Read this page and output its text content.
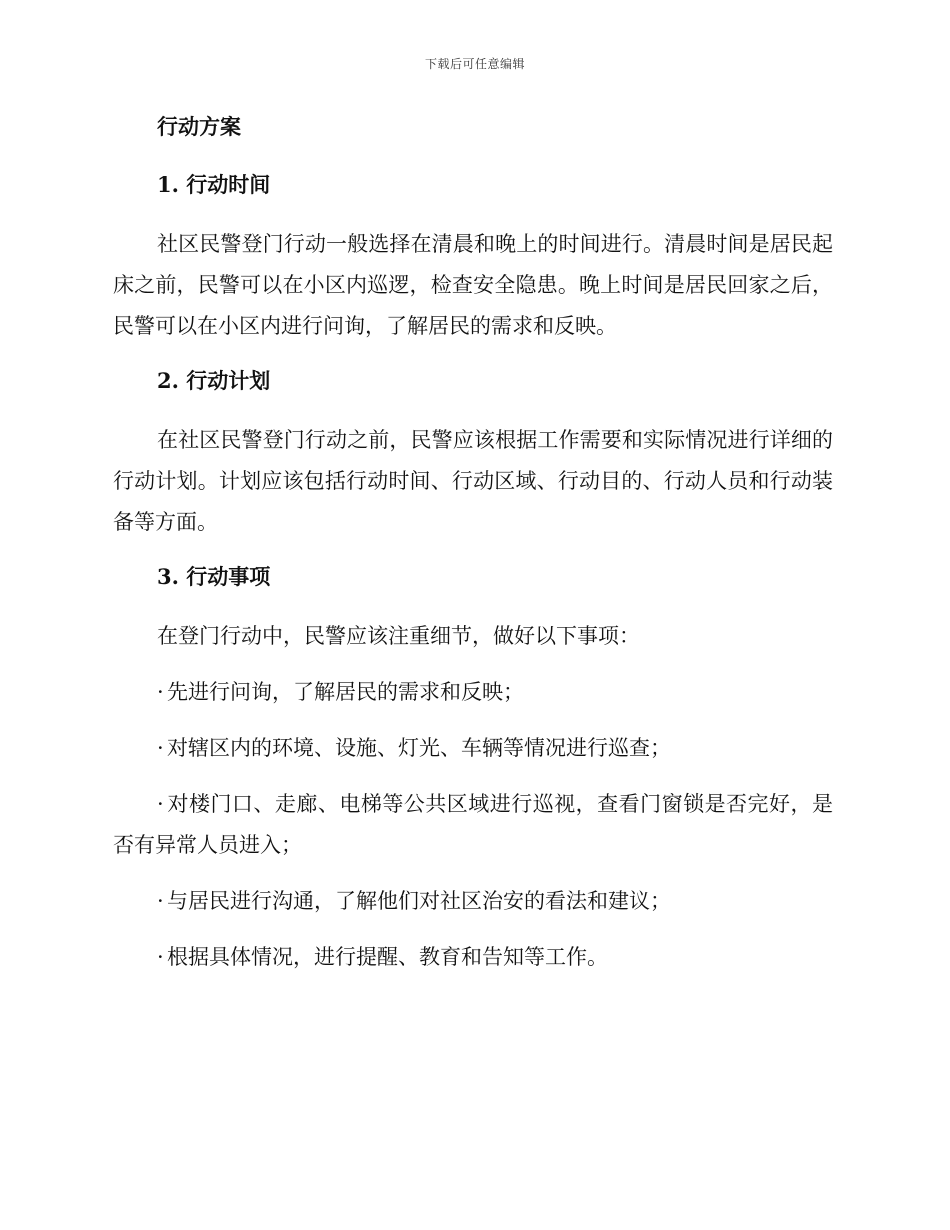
下载后可任意编辑
行动方案
1. 行动时间

社区民警登门行动一般选择在清晨和晚上的时间进行。清晨时间是居民起床之前，民警可以在小区内巡逻，检查安全隐患。晚上时间是居民回家之后，民警可以在小区内进行问询，了解居民的需求和反映。

2. 行动计划

在社区民警登门行动之前，民警应该根据工作需要和实际情况进行详细的行动计划。计划应该包括行动时间、行动区域、行动目的、行动人员和行动装备等方面。

3. 行动事项

在登门行动中，民警应该注重细节，做好以下事项：

· 先进行问询，了解居民的需求和反映；

· 对辖区内的环境、设施、灯光、车辆等情况进行巡查；

· 对楼门口、走廊、电梯等公共区域进行巡视，查看门窗锁是否完好，是否有异常人员进入；

· 与居民进行沟通，了解他们对社区治安的看法和建议；

· 根据具体情况，进行提醒、教育和告知等工作。
